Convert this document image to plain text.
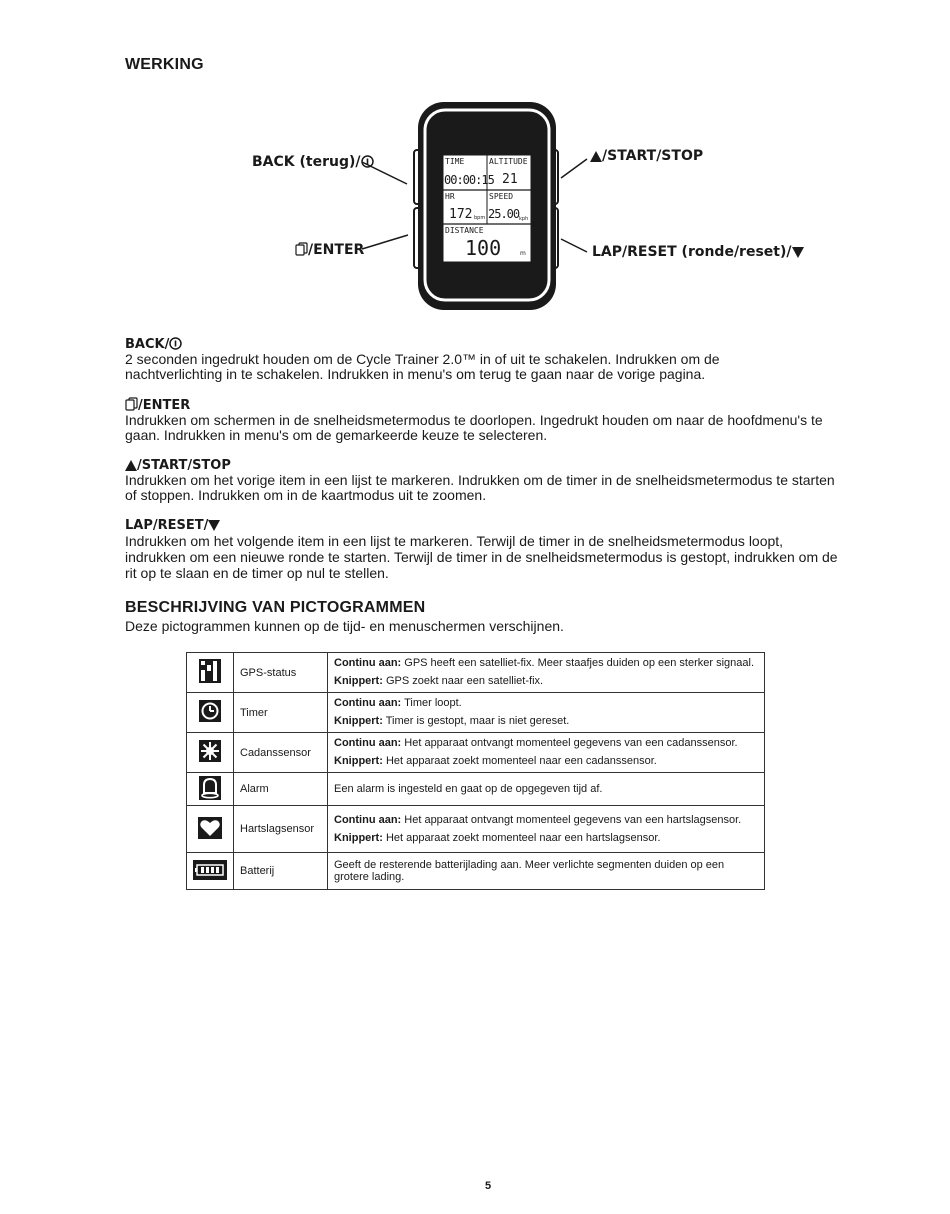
WERKING
BACK (terug)/
/ENTER
/START/STOP
LAP/RESET (ronde/reset)/
TIME
00:00:15
ALTITUDE
21
HR
172 bpm
SPEED
25.00 kph
DISTANCE
100	m
BACK/
2 seconden ingedrukt houden om de Cycle Trainer 2.0™ in of uit te schakelen. Indrukken om de nachtverlichting in te schakelen. Indrukken in menu's om terug te gaan naar de vorige pagina.
/ENTER
Indrukken om schermen in de snelheidsmetermodus te doorlopen. Ingedrukt houden om naar de hoofdmenu's te gaan. Indrukken in menu's om de gemarkeerde keuze te selecteren.
/START/STOP
Indrukken om het vorige item in een lijst te markeren. Indrukken om de timer in de snelheidsmetermodus te starten of stoppen. Indrukken om in de kaartmodus uit te zoomen.
LAP/RESET/
Indrukken om het volgende item in een lijst te markeren. Terwijl de timer in de snelheidsmetermodus loopt, indrukken om een nieuwe ronde te starten. Terwijl de timer in de snelheidsmetermodus is gestopt, indrukken om de rit op te slaan en de timer op nul te stellen.
BESCHRIJVING VAN PICTOGRAMMEN
Deze pictogrammen kunnen op de tijd- en menuschermen verschijnen.
	GPS-status	Continu aan: GPS heeft een satelliet-fix. Meer staafjes duiden op een sterker signaal.
Knippert: GPS zoekt naar een satelliet-fix.

	Timer	Continu aan: Timer loopt.
Knippert: Timer is gestopt, maar is niet gereset.

	Cadanssensor	Continu aan: Het apparaat ontvangt momenteel gegevens van een cadanssensor.
Knippert: Het apparaat zoekt momenteel naar een cadanssensor.

	Alarm	Een alarm is ingesteld en gaat op de opgegeven tijd af.
	Hartslagsensor	Continu aan: Het apparaat ontvangt momenteel gegevens van een hartslagsensor.
Knippert: Het apparaat zoekt momenteel naar een hartslagsensor.

	Batterij	Geeft de resterende batterijlading aan. Meer verlichte segmenten duiden op een grotere lading.
5
